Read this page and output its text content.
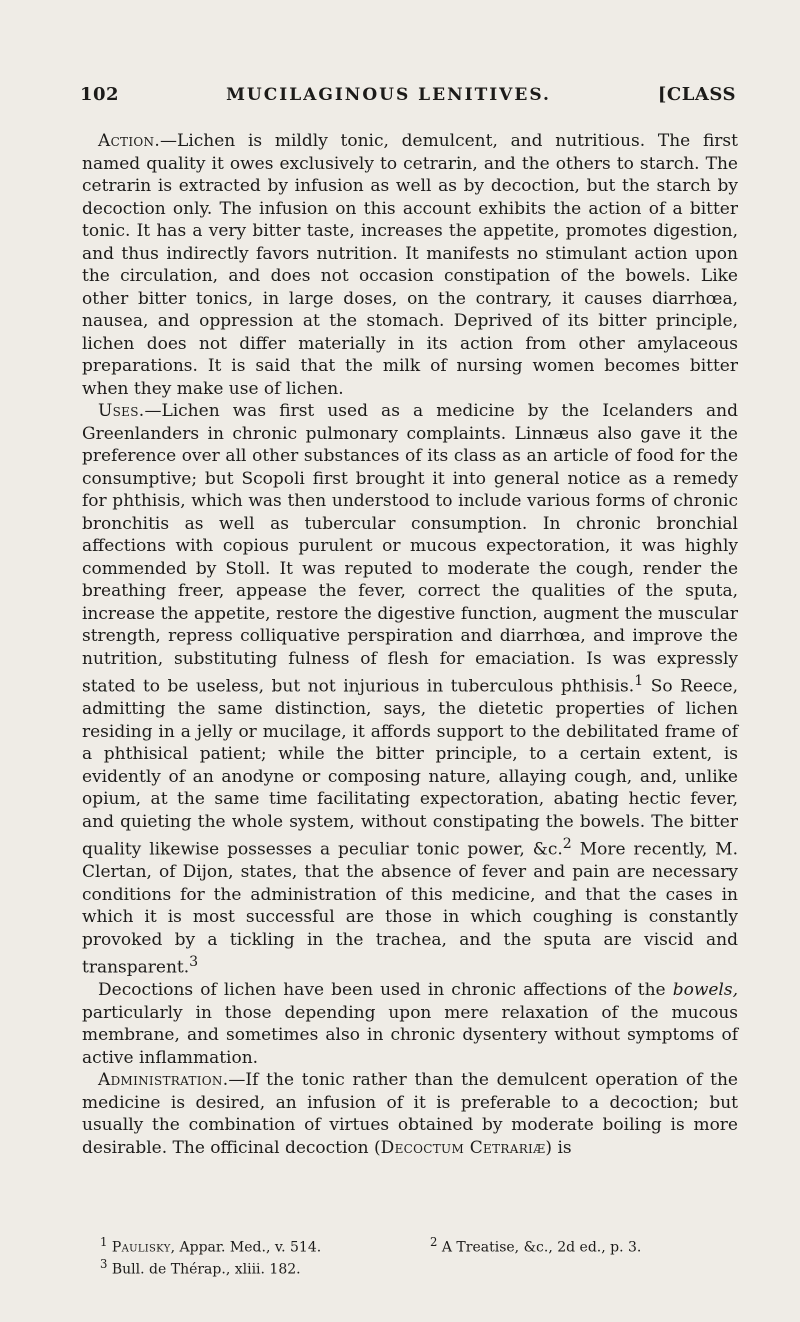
102	MUCILAGINOUS LENITIVES.	[CLASS

Action.—Lichen is mildly tonic, demulcent, and nutritious. The first named quality it owes exclusively to cetrarin, and the others to starch. The cetrarin is extracted by infusion as well as by decoction, but the starch by decoction only. The infusion on this account exhibits the action of a bitter tonic. It has a very bitter taste, increases the appetite, promotes digestion, and thus indirectly favors nutrition. It manifests no stimulant action upon the circulation, and does not occasion constipation of the bowels. Like other bitter tonics, in large doses, on the contrary, it causes diarrhœa, nausea, and oppression at the stomach. Deprived of its bitter principle, lichen does not differ materially in its action from other amylaceous preparations. It is said that the milk of nursing women becomes bitter when they make use of lichen.

Uses.—Lichen was first used as a medicine by the Icelanders and Greenlanders in chronic pulmonary complaints. Linnæus also gave it the preference over all other substances of its class as an article of food for the consumptive; but Scopoli first brought it into general notice as a remedy for phthisis, which was then understood to include various forms of chronic bronchitis as well as tubercular consumption. In chronic bronchial affections with copious purulent or mucous expectoration, it was highly commended by Stoll. It was reputed to moderate the cough, render the breathing freer, appease the fever, correct the qualities of the sputa, increase the appetite, restore the digestive function, augment the muscular strength, repress colliquative perspiration and diarrhœa, and improve the nutrition, substituting fulness of flesh for emaciation. Is was expressly stated to be useless, but not injurious in tuberculous phthisis.$^1$ So Reece, admitting the same distinction, says, the dietetic properties of lichen residing in a jelly or mucilage, it affords support to the debilitated frame of a phthisical patient; while the bitter principle, to a certain extent, is evidently of an anodyne or composing nature, allaying cough, and, unlike opium, at the same time facilitating expectoration, abating hectic fever, and quieting the whole system, without constipating the bowels. The bitter quality likewise possesses a peculiar tonic power, &c.$^2$ More recently, M. Clertan, of Dijon, states, that the absence of fever and pain are necessary conditions for the administration of this medicine, and that the cases in which it is most successful are those in which coughing is constantly provoked by a tickling in the trachea, and the sputa are viscid and transparent.$^3$

Decoctions of lichen have been used in chronic affections of the bowels, particularly in those depending upon mere relaxation of the mucous membrane, and sometimes also in chronic dysentery without symptoms of active inflammation.

Administration.—If the tonic rather than the demulcent operation of the medicine is desired, an infusion of it is preferable to a decoction; but usually the combination of virtues obtained by moderate boiling is more desirable. The officinal decoction (Decoctum Cetrariæ) is

$^1$ Paulisky, Appar. Med., v. 514.	$^2$ A Treatise, &c., 2d ed., p. 3.
$^3$ Bull. de Thérap., xliii. 182.
